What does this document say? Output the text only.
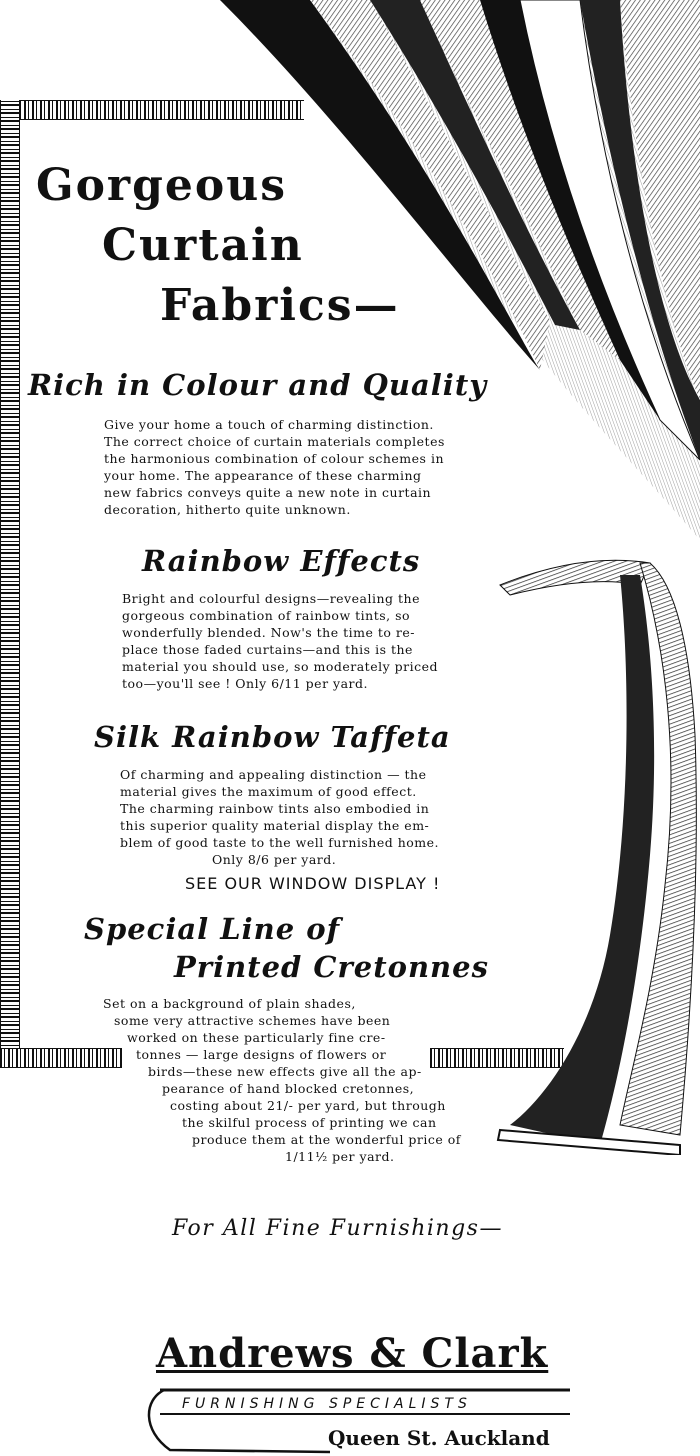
Gorgeous
Curtain
Fabrics—
Rich in Colour and Quality

Give your home a touch of charming distinction.
The correct choice of curtain materials completes
the harmonious combination of colour schemes in
your home. The appearance of these charming
new fabrics conveys quite a new note in curtain
decoration, hitherto quite unknown.

Rainbow Effects

Bright and colourful designs—revealing the
gorgeous combination of rainbow tints, so
wonderfully blended. Now's the time to re-
place those faded curtains—and this is the
material you should use, so moderately priced
too—you'll see ! Only 6/11 per yard.

Silk Rainbow Taffeta

Of charming and appealing distinction — the
material gives the maximum of good effect.
The charming rainbow tints also embodied in
this superior quality material display the em-
blem of good taste to the well furnished home.
Only 8/6 per yard.

SEE OUR WINDOW DISPLAY !

Special Line of
Printed Cretonnes

Set on a background of plain shades,

some very attractive schemes have been

worked on these particularly fine cre-

tonnes — large designs of flowers or

birds—these new effects give all the ap-

pearance of hand blocked cretonnes,

costing about 21/- per yard, but through

the skilful process of printing we can

produce them at the wonderful price of

1/11½ per yard.

For All Fine Furnishings—

Andrews & Clark

FURNISHING SPECIALISTS

Queen St. Auckland
